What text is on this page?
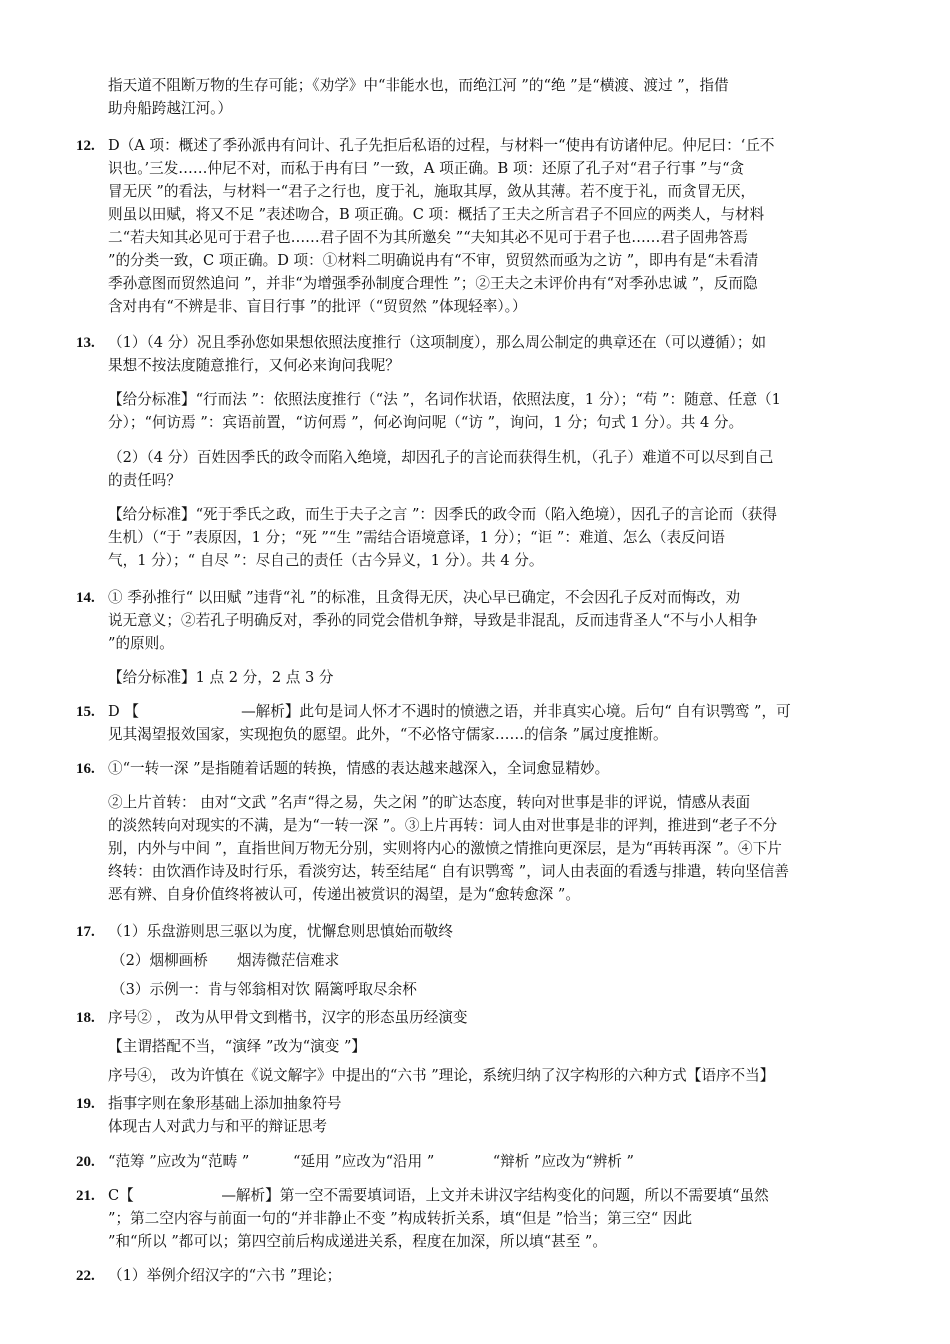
指天道不阻断万物的生存可能；《劝学》中“非能水也，而绝江河 ”的“绝 ”是“横渡、渡过 ”，指借

助舟船跨越江河。）

12. D（A 项：概述了季孙派冉有问计、孔子先拒后私语的过程，与材料一“使冉有访诸仲尼。仲尼曰：‘丘不

识也。’三发……仲尼不对，而私于冉有曰 ”一致，A 项正确。B 项：还原了孔子对“君子行事 ”与“贪

冒无厌 ”的看法，与材料一“君子之行也，度于礼，施取其厚，敛从其薄。若不度于礼，而贪冒无厌，

则虽以田赋，将又不足 ”表述吻合，B 项正确。C 项：概括了王夫之所言君子不回应的两类人，与材料

二“若夫知其必见可于君子也……君子固不为其所邀矣 ”“夫知其必不见可于君子也……君子固弗答焉

”的分类一致，C 项正确。D 项：①材料二明确说冉有“不审，贸贸然而亟为之访 ”，即冉有是“未看清

季孙意图而贸然追问 ”，并非“为增强季孙制度合理性 ”；②王夫之未评价冉有“对季孙忠诚 ”，反而隐

含对冉有“不辨是非、盲目行事 ”的批评（“贸贸然 ”体现轻率）。）

13. （1）（4 分）况且季孙您如果想依照法度推行（这项制度），那么周公制定的典章还在（可以遵循）；如

果想不按法度随意推行，又何必来询问我呢？

【给分标准】“行而法 ”：依照法度推行（“法 ”，名词作状语，依照法度，1 分）；“苟 ”：随意、任意（1

分）；“何访焉 ”：宾语前置，“访何焉 ”，何必询问呢（“访 ”，询问，1 分；句式 1 分）。共 4 分。

（2）（4 分）百姓因季氏的政令而陷入绝境，却因孔子的言论而获得生机，（孔子）难道不可以尽到自己

的责任吗？

【给分标准】“死于季氏之政，而生于夫子之言 ”：因季氏的政令而（陷入绝境），因孔子的言论而（获得

生机）（“于 ”表原因，1 分；“死 ”“生 ”需结合语境意译，1 分）；“讵 ”：难道、怎么（表反问语

气，1 分）；“ 自尽 ”：尽自己的责任（古今异义，1 分）。共 4 分。

14. ① 季孙推行“ 以田赋 ”违背“礼 ”的标准，且贪得无厌，决心早已确定，不会因孔子反对而悔改，劝

说无意义；②若孔子明确反对，季孙的同党会借机争辩，导致是非混乱，反而违背圣人“不与小人相争

”的原则。

【给分标准】1 点 2 分，2 点 3 分

15. D 【　　　　　　　—解析】此句是词人怀才不遇时的愤懑之语，并非真实心境。后句“ 自有识鹗鸾 ”，可

见其渴望报效国家，实现抱负的愿望。此外，“不必恪守儒家……的信条 ”属过度推断。

16. ①“一转一深 ”是指随着话题的转换，情感的表达越来越深入，全词愈显精妙。

②上片首转： 由对“文武 ”名声“得之易，失之闲 ”的旷达态度，转向对世事是非的评说，情感从表面

的淡然转向对现实的不满，是为“一转一深 ”。③上片再转：词人由对世事是非的评判，推进到“老子不分

别，内外与中间 ”，直指世间万物无分别，实则将内心的激愤之情推向更深层，是为“再转再深 ”。④下片

终转：由饮酒作诗及时行乐，看淡穷达，转至结尾“ 自有识鹗鸾 ”，词人由表面的看透与排遣，转向坚信善

恶有辨、自身价值终将被认可，传递出被赏识的渴望，是为“愈转愈深 ”。

17. （1）乐盘游则思三驱以为度，忧懈怠则思慎始而敬终

（2）烟柳画桥　　烟涛微茫信难求

（3）示例一：肯与邻翁相对饮 隔篱呼取尽余杯

18. 序号② ， 改为从甲骨文到楷书，汉字的形态虽历经演变

【主谓搭配不当，“演绎 ”改为“演变 ”】

序号④， 改为许慎在《说文解字》中提出的“六书 ”理论，系统归纳了汉字构形的六种方式【语序不当】

19. 指事字则在象形基础上添加抽象符号

体现古人对武力与和平的辩证思考

20. “范筹 ”应改为“范畴 ”　　　“延用 ”应改为“沿用 ”　　　　“辩析 ”应改为“辨析 ”

21. C【　　　　　　—解析】第一空不需要填词语，上文并未讲汉字结构变化的问题，所以不需要填“虽然

”；第二空内容与前面一句的“并非静止不变 ”构成转折关系，填“但是 ”恰当；第三空“ 因此

”和“所以 ”都可以；第四空前后构成递进关系，程度在加深，所以填“甚至 ”。

22. （1）举例介绍汉字的“六书 ”理论；
